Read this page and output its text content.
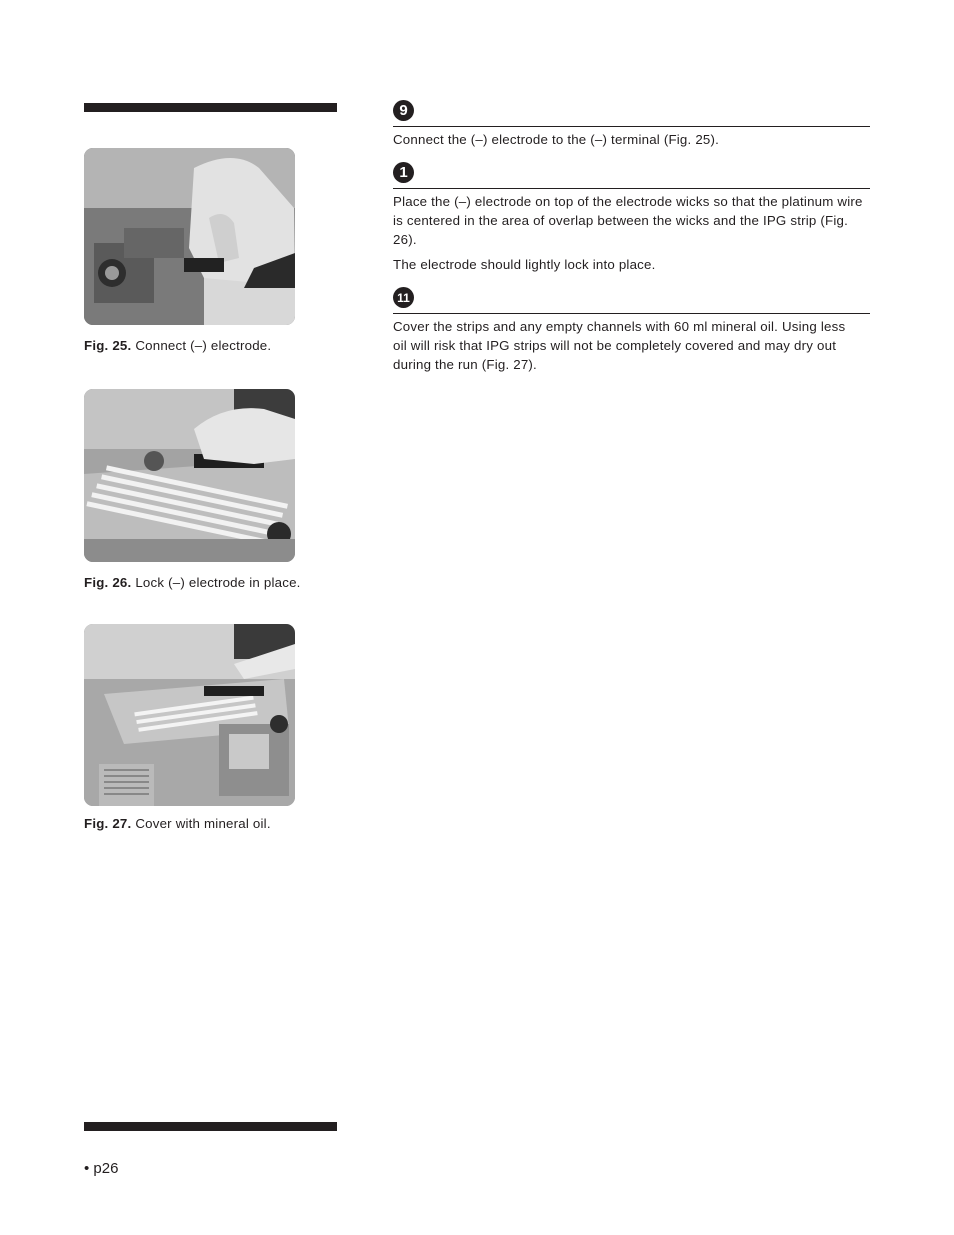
Fig. 25. Connect (–) electrode.
Fig. 26. Lock (–) electrode in place.
Fig. 27. Cover with mineral oil.
9

Connect the (–) electrode to the (–) terminal (Fig. 25).

1

Place the (–) electrode on top of the electrode wicks so that the platinum wire is centered in the area of overlap between the wicks and the IPG strip (Fig. 26).

The electrode should lightly lock into place.

11

Cover the strips and any empty channels with 60 ml mineral oil. Using less oil will risk that IPG strips will not be completely covered and may dry out during the run (Fig. 27).

• p26
